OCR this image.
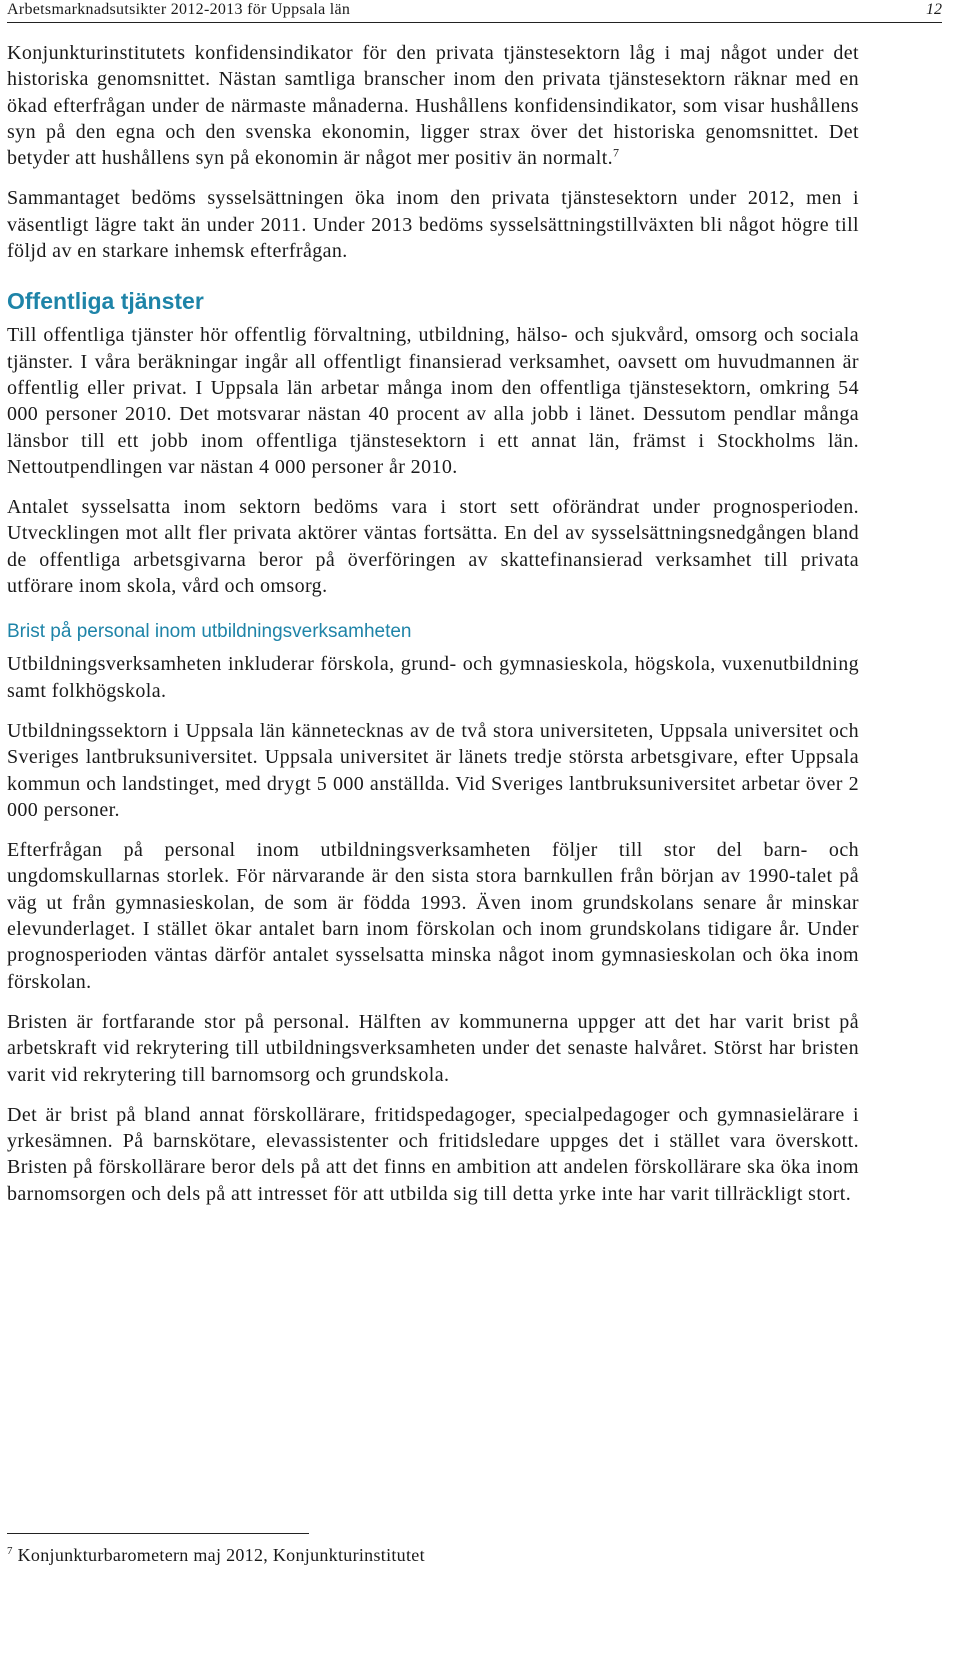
Arbetsmarknadsutsikter 2012-2013 för Uppsala län	12

Konjunkturinstitutets konfidensindikator för den privata tjänstesektorn låg i maj något under det historiska genomsnittet. Nästan samtliga branscher inom den privata tjänstesektorn räknar med en ökad efterfrågan under de närmaste månaderna. Hushållens konfidensindikator, som visar hushållens syn på den egna och den svenska ekonomin, ligger strax över det historiska genomsnittet. Det betyder att hushållens syn på ekonomin är något mer positiv än normalt.$^7$

Sammantaget bedöms sysselsättningen öka inom den privata tjänstesektorn under 2012, men i väsentligt lägre takt än under 2011. Under 2013 bedöms sysselsättningstillväxten bli något högre till följd av en starkare inhemsk efterfrågan.

Offentliga tjänster

Till offentliga tjänster hör offentlig förvaltning, utbildning, hälso- och sjukvård, omsorg och sociala tjänster. I våra beräkningar ingår all offentligt finansierad verksamhet, oavsett om huvudmannen är offentlig eller privat. I Uppsala län arbetar många inom den offentliga tjänstesektorn, omkring 54 000 personer 2010. Det motsvarar nästan 40 procent av alla jobb i länet. Dessutom pendlar många länsbor till ett jobb inom offentliga tjänstesektorn i ett annat län, främst i Stockholms län. Nettoutpendlingen var nästan 4 000 personer år 2010.

Antalet sysselsatta inom sektorn bedöms vara i stort sett oförändrat under prognosperioden. Utvecklingen mot allt fler privata aktörer väntas fortsätta. En del av sysselsättningsnedgången bland de offentliga arbetsgivarna beror på överföringen av skattefinansierad verksamhet till privata utförare inom skola, vård och omsorg.

Brist på personal inom utbildningsverksamheten

Utbildningsverksamheten inkluderar förskola, grund- och gymnasieskola, högskola, vuxenutbildning samt folkhögskola.

Utbildningssektorn i Uppsala län kännetecknas av de två stora universiteten, Uppsala universitet och Sveriges lantbruksuniversitet. Uppsala universitet är länets tredje största arbetsgivare, efter Uppsala kommun och landstinget, med drygt 5 000 anställda. Vid Sveriges lantbruksuniversitet arbetar över 2 000 personer.

Efterfrågan på personal inom utbildningsverksamheten följer till stor del barn- och ungdomskullarnas storlek. För närvarande är den sista stora barnkullen från början av 1990-talet på väg ut från gymnasieskolan, de som är födda 1993. Även inom grundskolans senare år minskar elevunderlaget. I stället ökar antalet barn inom förskolan och inom grundskolans tidigare år. Under prognosperioden väntas därför antalet sysselsatta minska något inom gymnasieskolan och öka inom förskolan.

Bristen är fortfarande stor på personal. Hälften av kommunerna uppger att det har varit brist på arbetskraft vid rekrytering till utbildningsverksamheten under det senaste halvåret. Störst har bristen varit vid rekrytering till barnomsorg och grundskola.

Det är brist på bland annat förskollärare, fritidspedagoger, specialpedagoger och gymnasielärare i yrkesämnen. På barnskötare, elevassistenter och fritidsledare uppges det i stället vara överskott. Bristen på förskollärare beror dels på att det finns en ambition att andelen förskollärare ska öka inom barnomsorgen och dels på att intresset för att utbilda sig till detta yrke inte har varit tillräckligt stort.

$^7$ Konjunkturbarometern maj 2012, Konjunkturinstitutet
